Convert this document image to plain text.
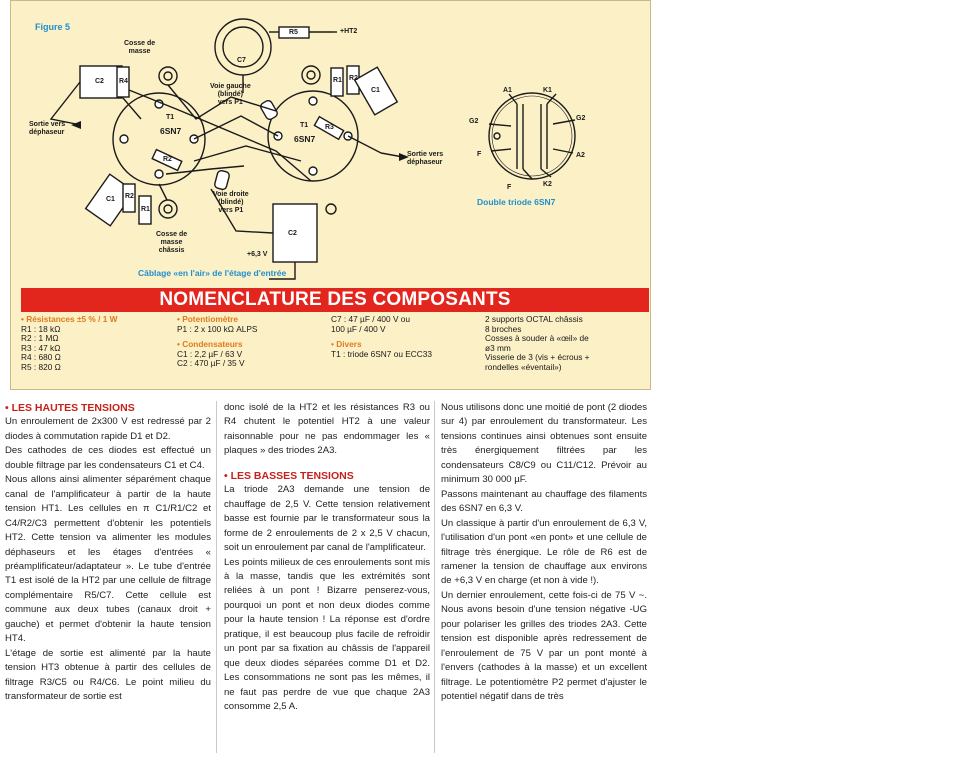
Figure 5
Cosse de
masse
C7
R5	+HT2
C2 R4	R1 R2
C1
Voie gauche
(blindé)
vers P1
T1
6SN7
T1
6SN7
R3
R2
Sortie vers
déphaseur
Sortie vers
déphaseur
C1 R2
R1
Voie droite
(blindé)
vers P1
Cosse de
masse
châssis
C2
+6,3 V
Câblage «en l'air» de l'étage d'entrée
A1	K1
G2	G2
F	A2
F	K2
Double triode 6SN7
NOMENCLATURE DES COMPOSANTS
• Résistances ±5 % / 1 W
R1 : 18 kΩ
R2 : 1 MΩ
R3 : 47 kΩ
R4 : 680 Ω
R5 : 820 Ω
• Potentiomètre
P1 : 2 x 100 kΩ ALPS
• Condensateurs
C1 : 2,2 µF / 63 V
C2 : 470 µF / 35 V
C7 : 47 µF / 400 V ou
100 µF / 400 V
• Divers
T1 : triode 6SN7 ou ECC33
2 supports OCTAL châssis
8 broches
Cosses à souder à «œil» de
ø3 mm
Visserie de 3 (vis + écrous +
rondelles «éventail»)

• LES HAUTES TENSIONS

Un enroulement de 2x300 V est redressé par 2 diodes à commutation rapide D1 et D2.

Des cathodes de ces diodes est effectué un double filtrage par les condensateurs C1 et C4.

Nous allons ainsi alimenter séparément chaque canal de l'amplificateur à partir de la haute tension HT1. Les cellules en π C1/R1/C2 et C4/R2/C3 permettent d'obtenir les potentiels HT2. Cette tension va alimenter les modules déphaseurs et les étages d'entrées « préamplificateur/adaptateur ». Le tube d'entrée T1 est isolé de la HT2 par une cellule de filtrage complémentaire R5/C7. Cette cellule est commune aux deux tubes (canaux droit + gauche) et permet d'obtenir la haute tension HT4.

L'étage de sortie est alimenté par la haute tension HT3 obtenue à partir des cellules de filtrage R3/C5 ou R4/C6. Le point milieu du transformateur de sortie est

donc isolé de la HT2 et les résistances R3 ou R4 chutent le potentiel HT2 à une valeur raisonnable pour ne pas endommager les « plaques » des triodes 2A3.

• LES BASSES TENSIONS

La triode 2A3 demande une tension de chauffage de 2,5 V. Cette tension relativement basse est fournie par le transformateur sous la forme de 2 enroulements de 2 x 2,5 V chacun, soit un enroulement par canal de l'amplificateur.

Les points milieux de ces enroulements sont mis à la masse, tandis que les extrémités sont reliées à un pont ! Bizarre penserez-vous, pourquoi un pont et non deux diodes comme pour la haute tension ! La réponse est d'ordre pratique, il est beaucoup plus facile de refroidir un pont par sa fixation au châssis de l'appareil que deux diodes séparées comme D1 et D2. Les consommations ne sont pas les mêmes, il ne faut pas perdre de vue que chaque 2A3 consomme 2,5 A.

Nous utilisons donc une moitié de pont (2 diodes sur 4) par enroulement du transformateur. Les tensions continues ainsi obtenues sont ensuite très énergiquement filtrées par les condensateurs C8/C9 ou C11/C12. Prévoir au minimum 30 000 µF.

Passons maintenant au chauffage des filaments des 6SN7 en 6,3 V.

Un classique à partir d'un enroulement de 6,3 V, l'utilisation d'un pont «en pont» et une cellule de filtrage très énergique. Le rôle de R6 est de ramener la tension de chauffage aux environs de +6,3 V en charge (et non à vide !).

Un dernier enroulement, cette fois-ci de 75 V ~. Nous avons besoin d'une tension négative -UG pour polariser les grilles des triodes 2A3. Cette tension est disponible après redressement de l'enroulement de 75 V par un pont monté à l'envers (cathodes à la masse) et un excellent filtrage. Le potentiomètre P2 permet d'ajuster le potentiel négatif dans de très
